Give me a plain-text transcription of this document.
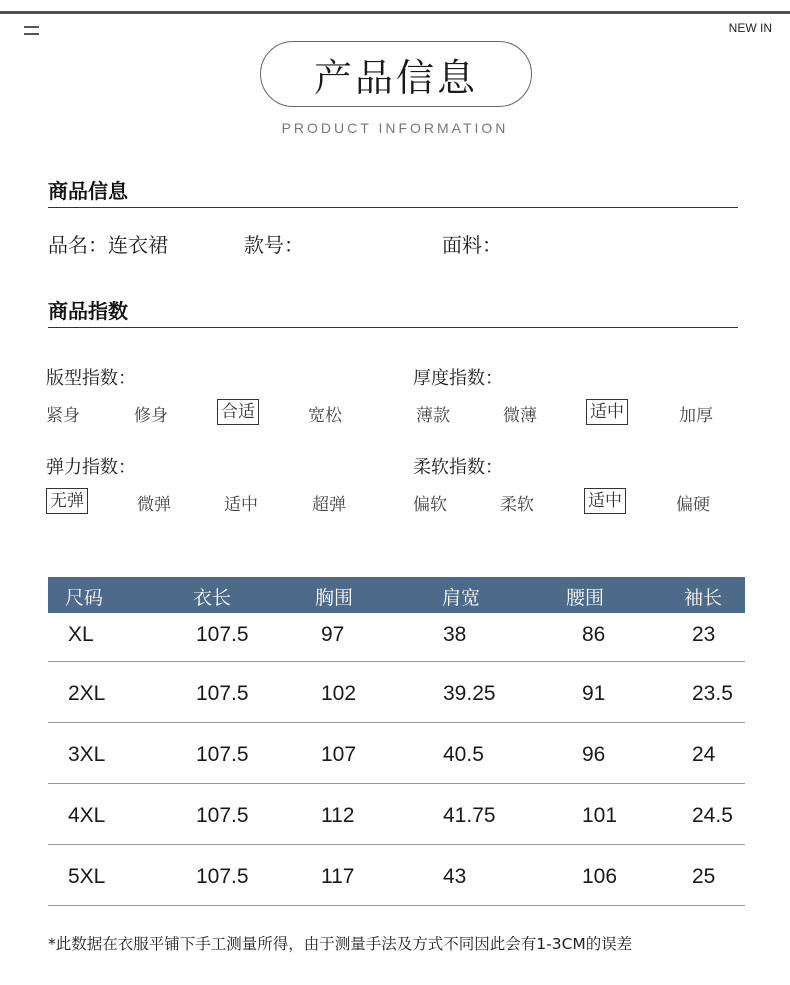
NEW IN
产品信息
PRODUCT INFORMATION
商品信息
品名：连衣裙	款号：	面料：
商品指数
版型指数：
紧身	修身	合适	宽松
厚度指数：
薄款	微薄	适中	加厚
弹力指数：
无弹	微弹	适中	超弹
柔软指数：
偏软	柔软	适中	偏硬
尺码	衣长	胸围	肩宽	腰围	袖长
XL	107.5	97	38	86	23
2XL	107.5	102	39.25	91	23.5
3XL	107.5	107	40.5	96	24
4XL	107.5	112	41.75	101	24.5
5XL	107.5	117	43	106	25
*此数据在衣服平铺下手工测量所得，由于测量手法及方式不同因此会有1-3CM的误差
